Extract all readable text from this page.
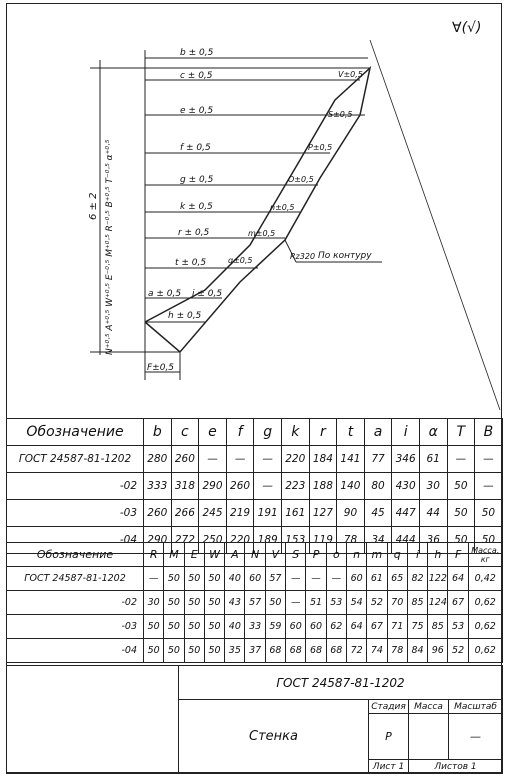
∀(√)
b ± 0,5
c ± 0,5
e ± 0,5
f ± 0,5
g ± 0,5
k ± 0,5
r ± 0,5
t ± 0,5
a ± 0,5 i ± 0,5
h ± 0,5
F±0,5
V±0,5
S±0,5
P±0,5
O±0,5
n±0,5
m±0,5
q±0,5
6 ± 2 N⁺⁰·⁵ A⁺⁰·⁵ W⁺⁰·⁵ E⁻⁰·⁵ M⁺⁰·⁵ R⁻⁰·⁵ B⁺⁰·⁵ T⁻⁰·⁵ α⁺⁰·⁵	Rz320 По контуру
Обозначение	b	c	e	f	g	k	r	t	a	i	α	T	B
ГОСТ 24587-81-1202	280	260	—	—	—	220	184	141	77	346	61	—	—
-02	333	318	290	260	—	223	188	140	80	430	30	50	—
-03	260	266	245	219	191	161	127	90	45	447	44	50	50
-04	290	272	250	220	189	153	119	78	34	444	36	50	50
Обозначение	R	M	E	W	A	N	V	S	P	o	n	m	q	i	h	F	Масса, кг
ГОСТ 24587-81-1202	—	50	50	50	40	60	57	—	—	—	60	61	65	82	122	64	0,42
-02	30	50	50	50	43	57	50	—	51	53	54	52	70	85	124	67	0,62
-03	50	50	50	50	40	33	59	60	60	62	64	67	71	75	85	53	0,62
-04	50	50	50	50	35	37	68	68	68	68	72	74	78	84	96	52	0,62
	ГОСТ 24587-81-1202			
	Стенка	Стадия	Масса	Масштаб
		Р		—
		Лист 1	Листов 1	
